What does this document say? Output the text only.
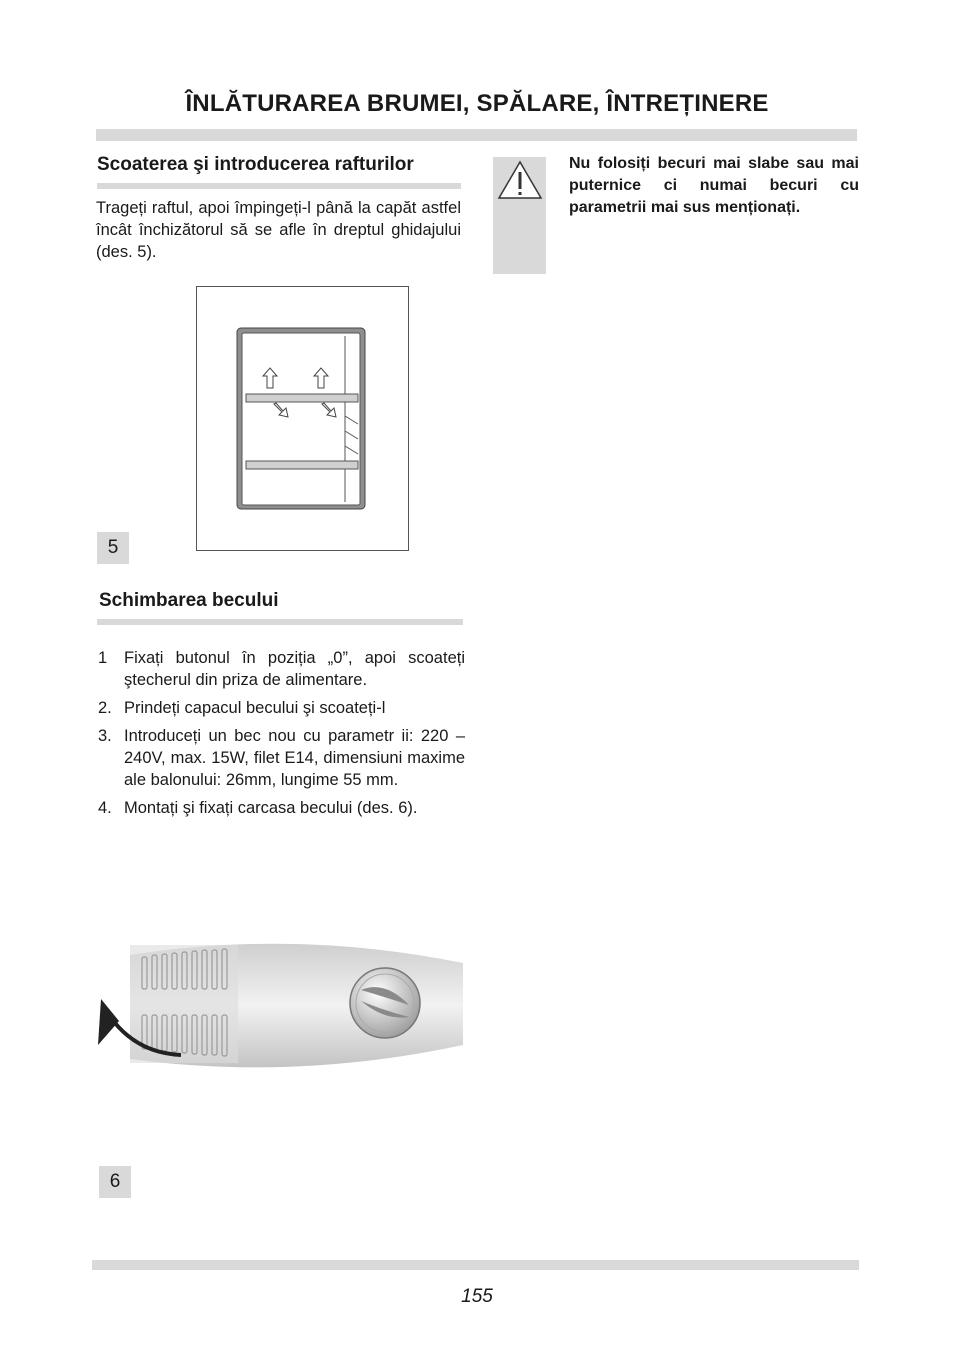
ÎNLĂTURAREA BRUMEI, SPĂLARE, ÎNTREȚINERE
Scoaterea şi introducerea rafturilor
Trageți raftul, apoi împingeți-l până la capăt astfel încât închizătorul să se afle în dreptul ghidajului (des. 5).
5
Schimbarea becului
1 Fixați butonul în poziția „0”, apoi scoateți ştecherul din priza de alimentare.
2. Prindeți capacul becului şi scoateți-l
3. Introduceți un bec nou cu parametr ii: 220 – 240V, max. 15W, filet E14, dimensiuni maxime ale balonului: 26mm, lungime 55 mm.
4. Montați şi fixați carcasa becului (des. 6).
6
Nu folosiți becuri mai slabe sau mai puternice ci numai becuri cu parametrii mai sus menționați.
155
